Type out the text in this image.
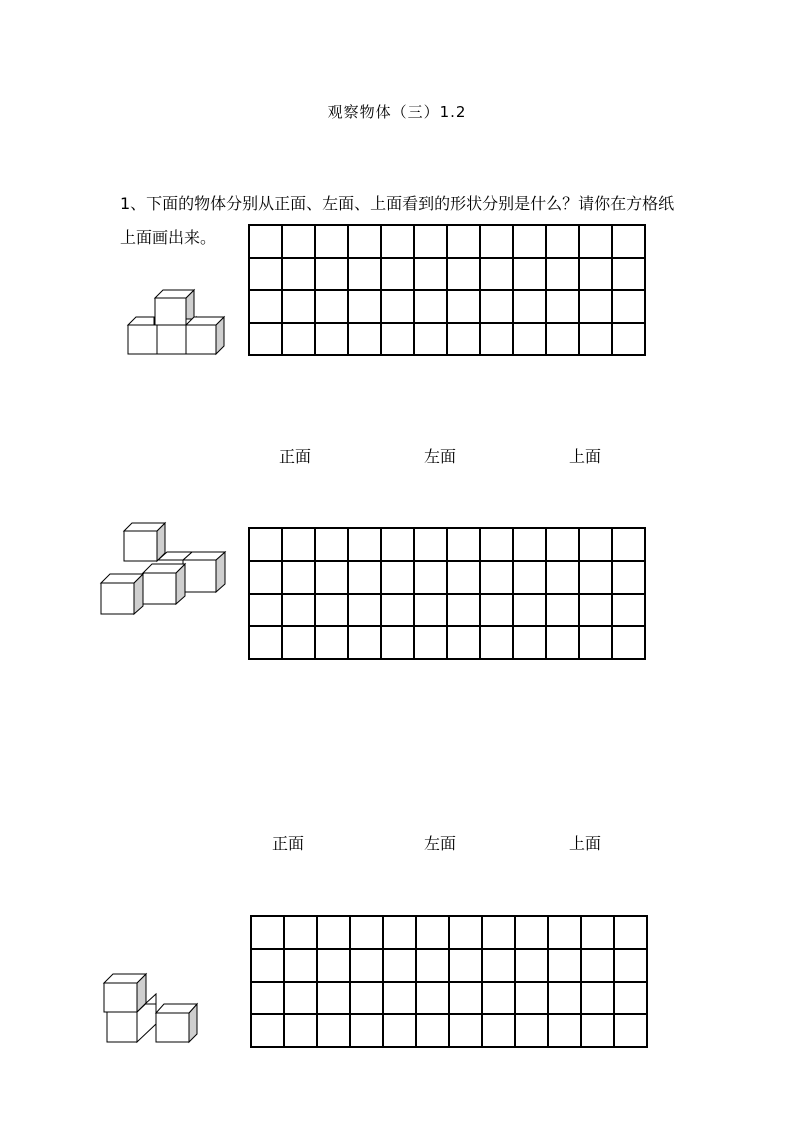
观察物体（三）1.2
1、下面的物体分别从正面、左面、上面看到的形状分别是什么？请你在方格纸
上面画出来。
正面	左面	上面
正面	左面	上面
